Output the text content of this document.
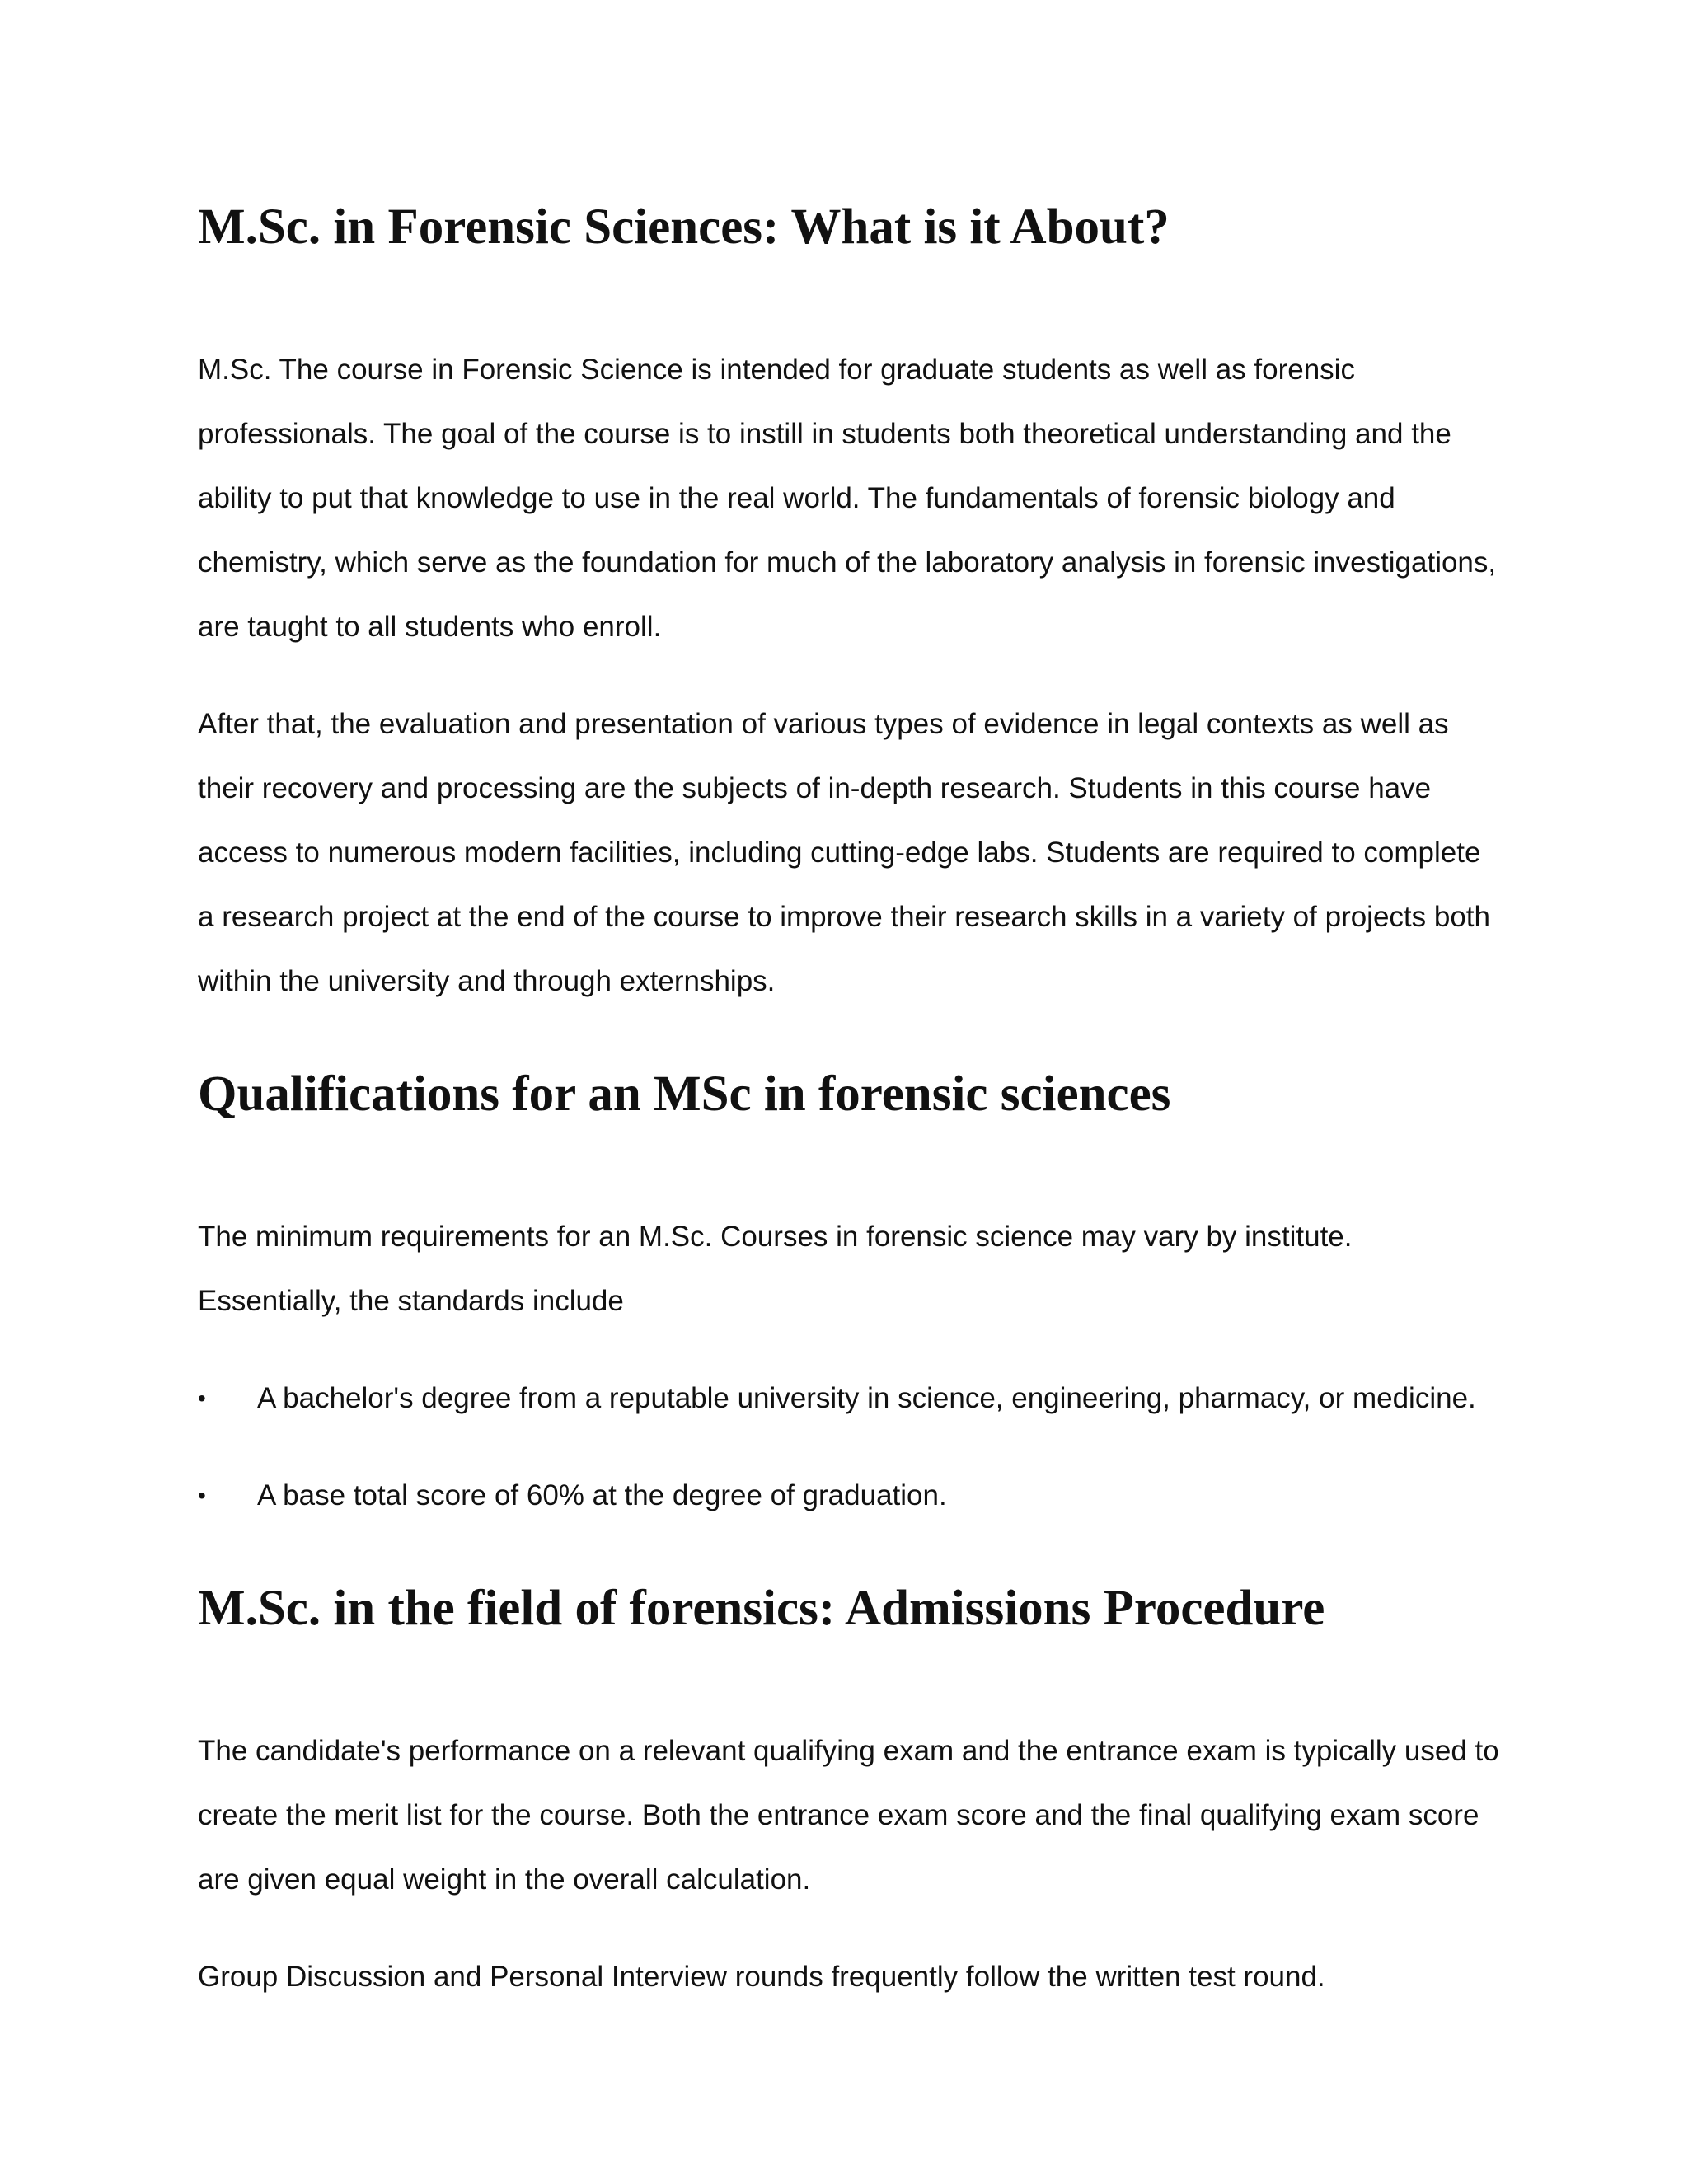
M.Sc. in Forensic Sciences: What is it About?

M.Sc. The course in Forensic Science is intended for graduate students as well as forensic professionals. The goal of the course is to instill in students both theoretical understanding and the ability to put that knowledge to use in the real world. The fundamentals of forensic biology and chemistry, which serve as the foundation for much of the laboratory analysis in forensic investigations, are taught to all students who enroll.

After that, the evaluation and presentation of various types of evidence in legal contexts as well as their recovery and processing are the subjects of in-depth research. Students in this course have access to numerous modern facilities, including cutting-edge labs. Students are required to complete a research project at the end of the course to improve their research skills in a variety of projects both within the university and through externships.

Qualifications for an MSc in forensic sciences

The minimum requirements for an M.Sc. Courses in forensic science may vary by institute. Essentially, the standards include

• A bachelor's degree from a reputable university in science, engineering, pharmacy, or medicine.
• A base total score of 60% at the degree of graduation.
M.Sc. in the field of forensics: Admissions Procedure

The candidate's performance on a relevant qualifying exam and the entrance exam is typically used to create the merit list for the course. Both the entrance exam score and the final qualifying exam score are given equal weight in the overall calculation.

Group Discussion and Personal Interview rounds frequently follow the written test round.
